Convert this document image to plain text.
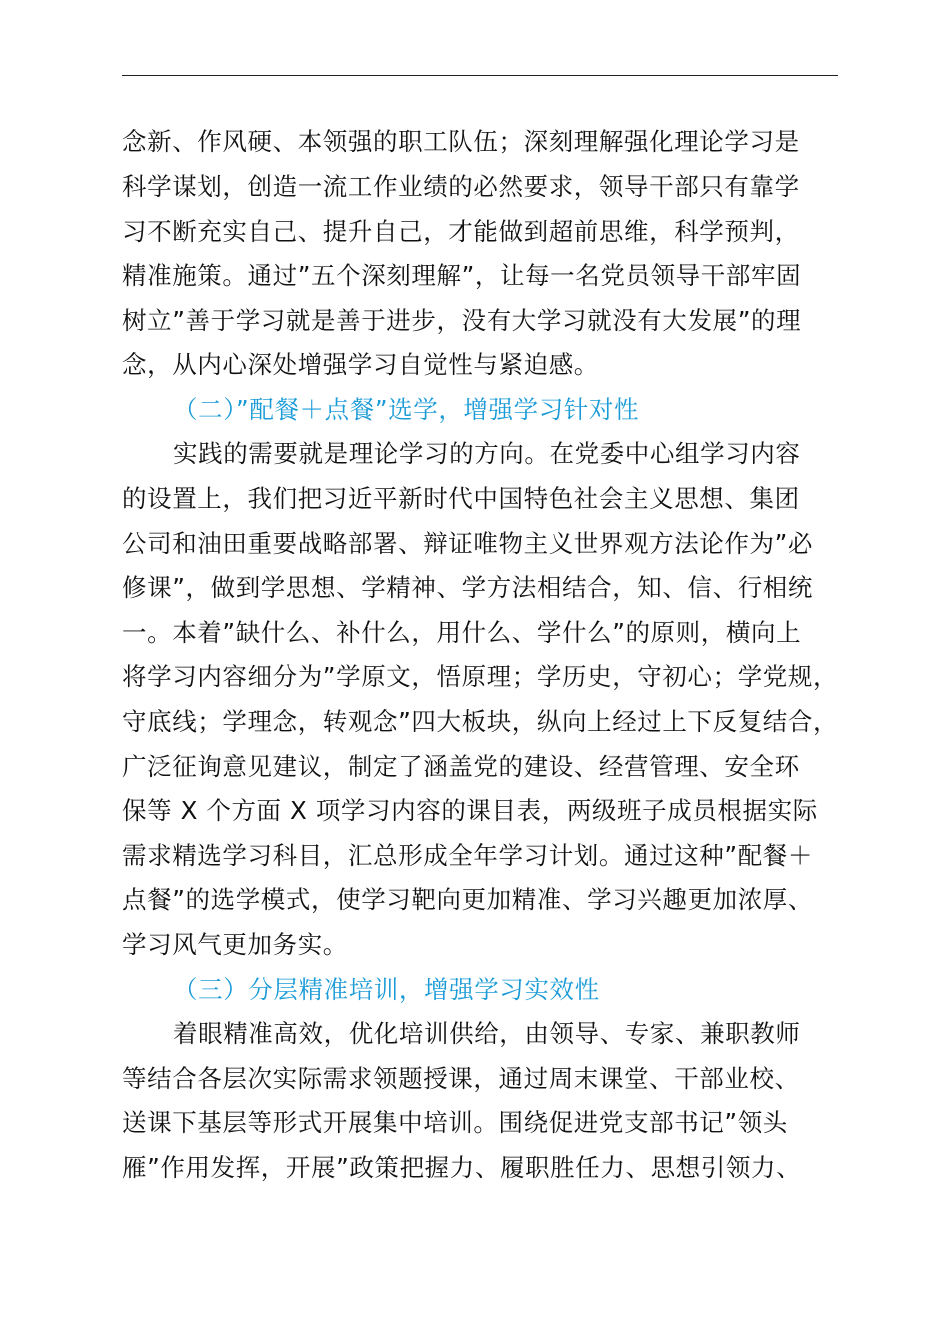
念新、作风硬、本领强的职工队伍；深刻理解强化理论学习是
科学谋划，创造一流工作业绩的必然要求，领导干部只有靠学
习不断充实自己、提升自己，才能做到超前思维，科学预判，
精准施策。通过”五个深刻理解”，让每一名党员领导干部牢固
树立”善于学习就是善于进步，没有大学习就没有大发展”的理
念，从内心深处增强学习自觉性与紧迫感。
（二）”配餐＋点餐”选学，增强学习针对性
实践的需要就是理论学习的方向。在党委中心组学习内容
的设置上，我们把习近平新时代中国特色社会主义思想、集团
公司和油田重要战略部署、辩证唯物主义世界观方法论作为”必
修课”，做到学思想、学精神、学方法相结合，知、信、行相统
一。本着”缺什么、补什么，用什么、学什么”的原则，横向上
将学习内容细分为”学原文，悟原理；学历史，守初心；学党规，
守底线；学理念，转观念”四大板块，纵向上经过上下反复结合，
广泛征询意见建议，制定了涵盖党的建设、经营管理、安全环
保等 X 个方面 X 项学习内容的课目表，两级班子成员根据实际
需求精选学习科目，汇总形成全年学习计划。通过这种”配餐＋
点餐”的选学模式，使学习靶向更加精准、学习兴趣更加浓厚、
学习风气更加务实。
（三）分层精准培训，增强学习实效性
着眼精准高效，优化培训供给，由领导、专家、兼职教师
等结合各层次实际需求领题授课，通过周末课堂、干部业校、
送课下基层等形式开展集中培训。围绕促进党支部书记”领头
雁”作用发挥，开展”政策把握力、履职胜任力、思想引领力、
